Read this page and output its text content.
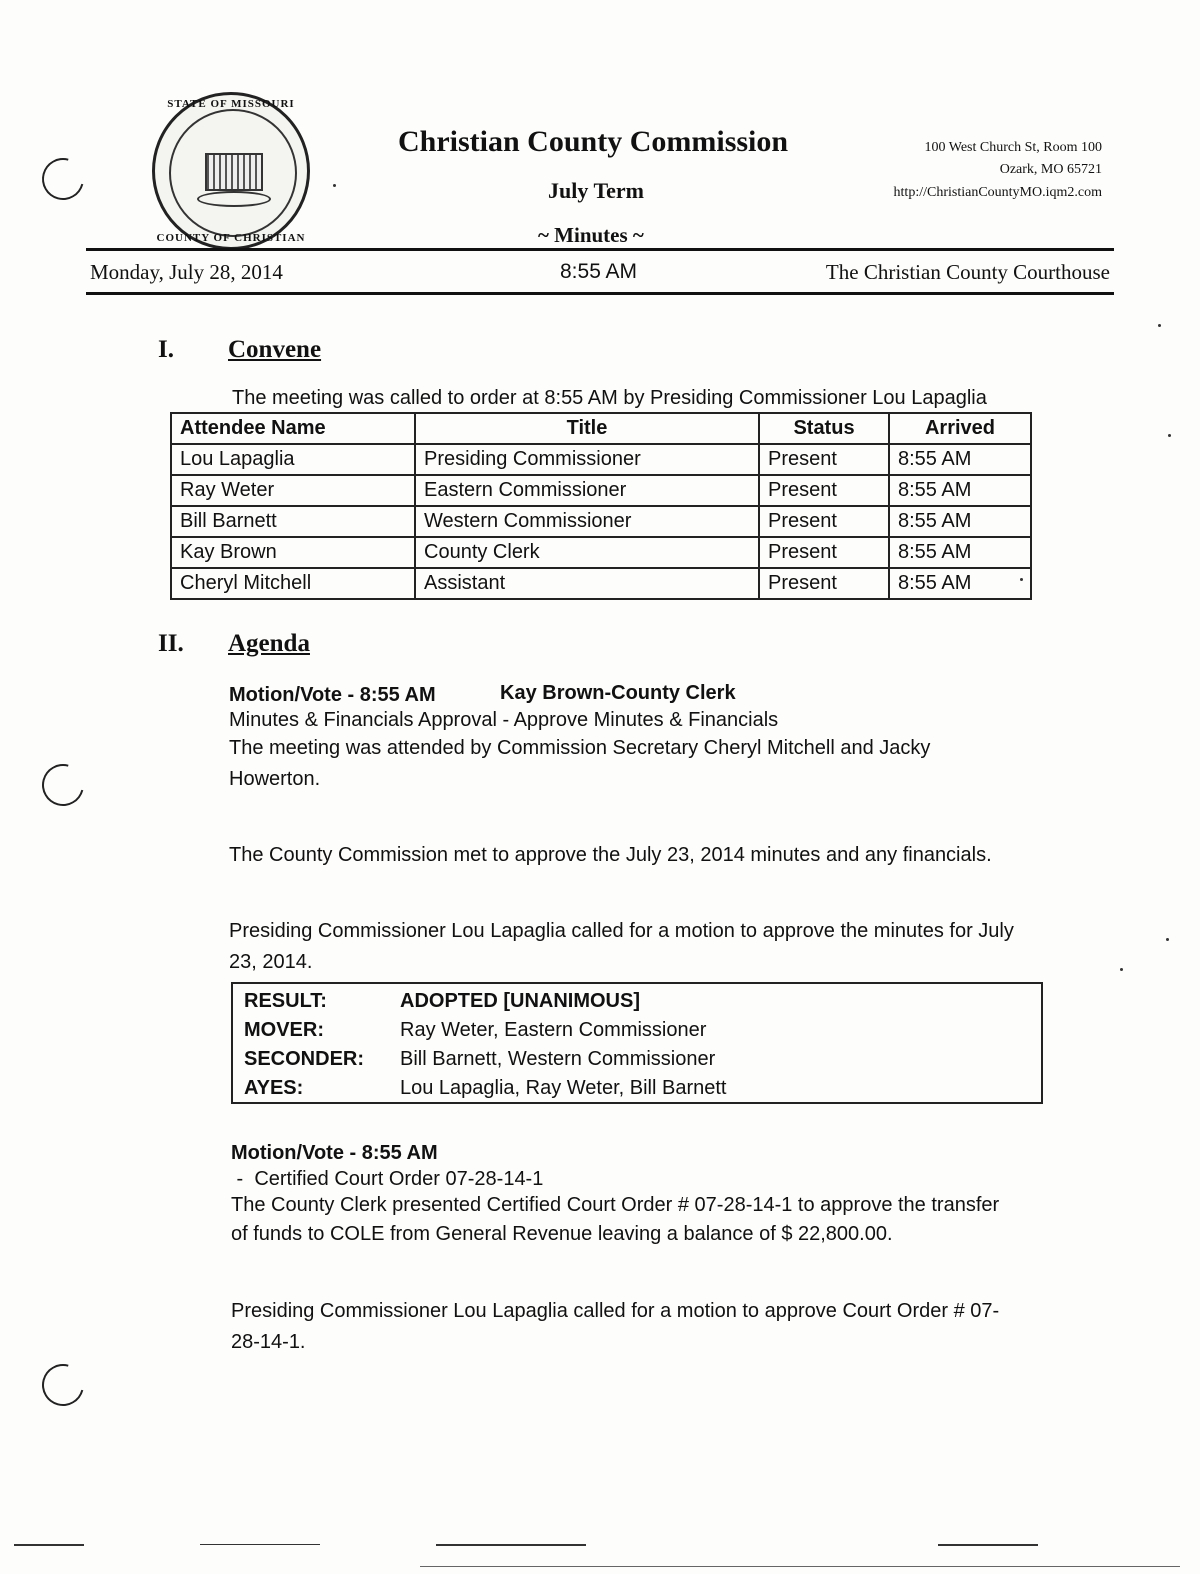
STATE OF MISSOURI
COUNTY OF CHRISTIAN
Christian County Commission
July Term
~ Minutes ~
100 West Church St, Room 100
Ozark, MO 65721
http://ChristianCountyMO.iqm2.com
Monday, July 28, 2014	8:55 AM	The Christian County Courthouse
I. Convene
The meeting was called to order at 8:55 AM by Presiding Commissioner Lou Lapaglia
Attendee Name	Title	Status	Arrived
Lou Lapaglia	Presiding Commissioner	Present	8:55 AM
Ray Weter	Eastern Commissioner	Present	8:55 AM
Bill Barnett	Western Commissioner	Present	8:55 AM
Kay Brown	County Clerk	Present	8:55 AM
Cheryl Mitchell	Assistant	Present	8:55 AM
II. Agenda
Motion/Vote - 8:55 AM	Kay Brown-County Clerk
Minutes & Financials Approval - Approve Minutes & Financials
The meeting was attended by Commission Secretary Cheryl Mitchell and Jacky
Howerton.
The County Commission met to approve the July 23, 2014 minutes and any financials.
Presiding Commissioner Lou Lapaglia called for a motion to approve the minutes for July
23, 2014.
RESULT:	ADOPTED [UNANIMOUS]
MOVER:	Ray Weter, Eastern Commissioner
SECONDER: Bill Barnett, Western Commissioner
AYES:	Lou Lapaglia, Ray Weter, Bill Barnett
Motion/Vote - 8:55 AM
-  Certified Court Order 07-28-14-1
The County Clerk presented Certified Court Order # 07-28-14-1 to approve the transfer
of funds to COLE from General Revenue leaving a balance of $ 22,800.00.
Presiding Commissioner Lou Lapaglia called for a motion to approve Court Order # 07-
28-14-1.
